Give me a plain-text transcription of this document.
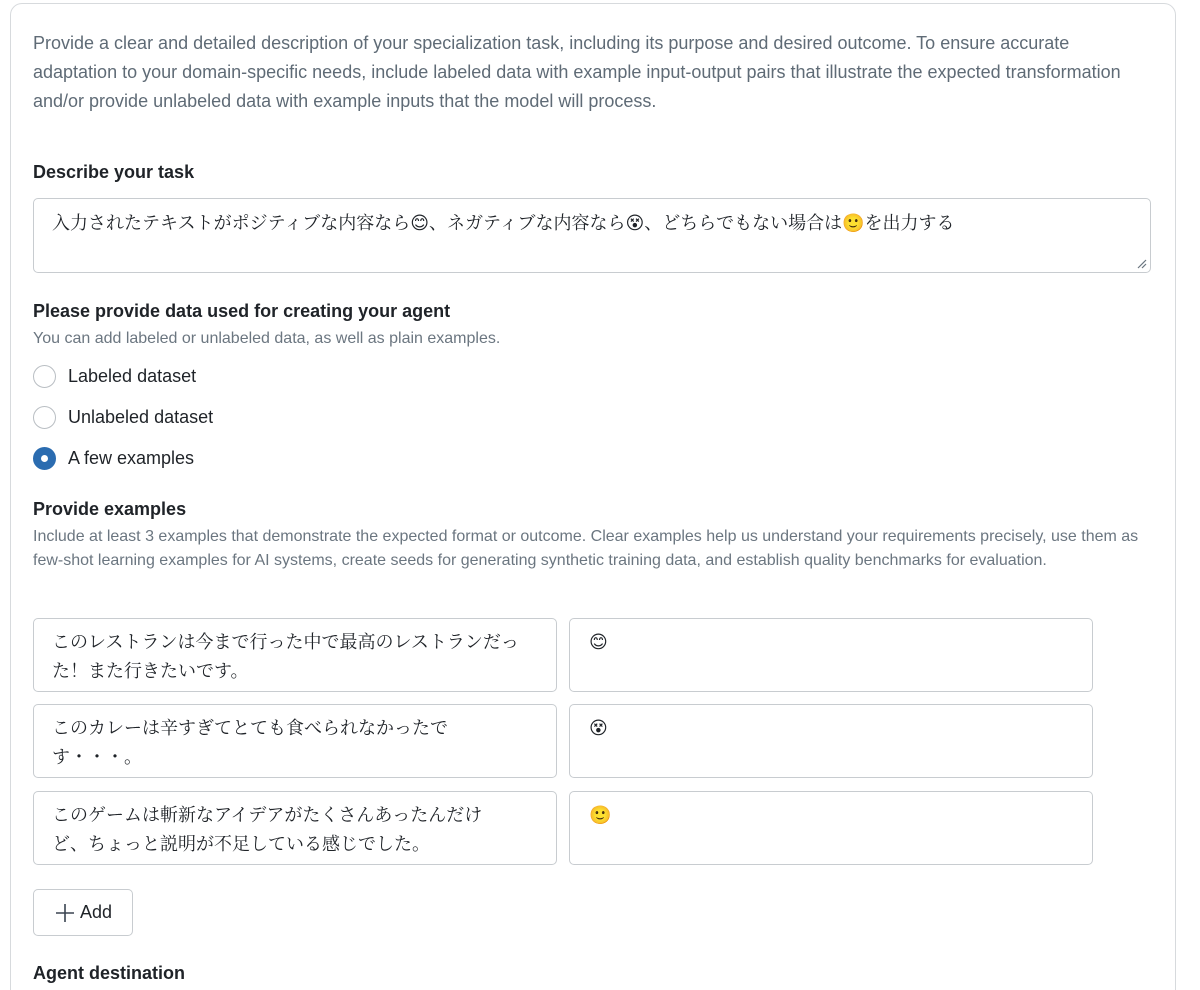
Provide a clear and detailed description of your specialization task, including its purpose and desired outcome. To ensure accurate adaptation to your domain-specific needs, include labeled data with example input-output pairs that illustrate the expected transformation and/or provide unlabeled data with example inputs that the model will process.

Describe your task
入力されたテキストがポジティブな内容なら😊、ネガティブな内容なら😵、どちらでもない場合は🙂を出力する
Please provide data used for creating your agent
You can add labeled or unlabeled data, as well as plain examples.
Labeled dataset
Unlabeled dataset
A few examples
Provide examples
Include at least 3 examples that demonstrate the expected format or outcome. Clear examples help us understand your requirements precisely, use them as few-shot learning examples for AI systems, create seeds for generating synthetic training data, and establish quality benchmarks for evaluation.
このレストランは今まで行った中で最高のレストランだった！また行きたいです。
😊
このカレーは辛すぎてとても食べられなかったです・・・。
😵
このゲームは斬新なアイデアがたくさんあったんだけど、ちょっと説明が不足している感じでした。
🙂
Add
Agent destination
